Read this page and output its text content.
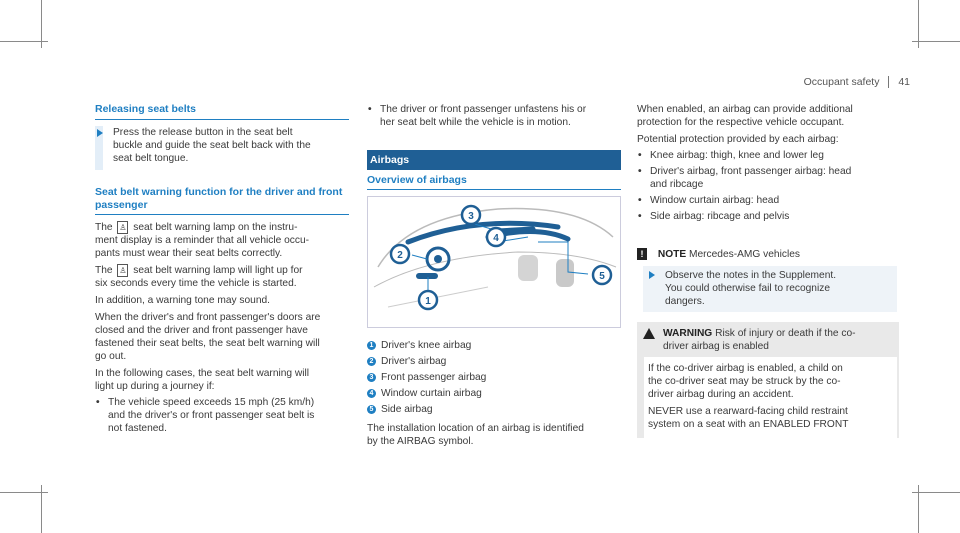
Occupant safety 41
Releasing seat belts

Press the release button in the seat belt

buckle and guide the seat belt back with the

seat belt tongue.

Seat belt warning function for the driver and front

passenger

The ♙ seat belt warning lamp on the instru-
ment display is a reminder that all vehicle occu-
pants must wear their seat belts correctly.

The ♙ seat belt warning lamp will light up for
six seconds every time the vehicle is started.

In addition, a warning tone may sound.

When the driver's and front passenger's doors are
closed and the driver and front passenger have
fastened their seat belts, the seat belt warning will
go out.

In the following cases, the seat belt warning will
light up during a journey if:

• The vehicle speed exceeds 15 mph (25 km/h)
and the driver's or front passenger seat belt is
not fastened.
• The driver or front passenger unfastens his or
her seat belt while the vehicle is in motion.
Airbags
Overview of airbags
2
3
4
5
1
1 Driver's knee airbag
2 Driver's airbag
3 Front passenger airbag
4 Window curtain airbag
5 Side airbag

The installation location of an airbag is identified
by the AIRBAG symbol.

When enabled, an airbag can provide additional

protection for the respective vehicle occupant.

Potential protection provided by each airbag:

• Knee airbag: thigh, knee and lower leg
• Driver's airbag, front passenger airbag: head
and ribcage
• Window curtain airbag: head
• Side airbag: ribcage and pelvis
! NOTE Mercedes-AMG vehicles

Observe the notes in the Supplement.

You could otherwise fail to recognize

dangers.

WARNING Risk of injury or death if the co-
driver airbag is enabled

If the co-driver airbag is enabled, a child on
the co-driver seat may be struck by the co-
driver airbag during an accident.

NEVER use a rearward-facing child restraint
system on a seat with an ENABLED FRONT
